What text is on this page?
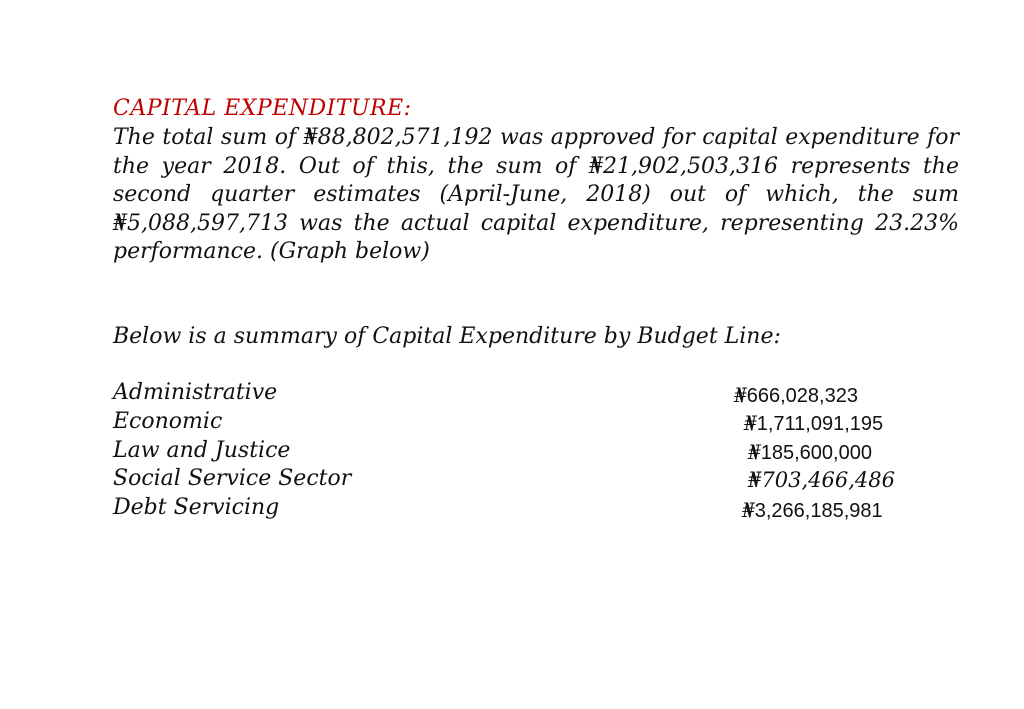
CAPITAL EXPENDITURE:
The total sum of ₦88,802,571,192 was approved for capital expenditure for the year 2018. Out of this, the sum of ₦21,902,503,316 represents the second quarter estimates (April-June, 2018) out of which, the sum ₦5,088,597,713 was the actual capital expenditure, representing 23.23% performance. (Graph below)
Below is a summary of Capital Expenditure by Budget Line:
Administrative	₦666,028,323
Economic	₦1,711,091,195
Law and Justice	₦185,600,000
Social Service Sector	₦703,466,486
Debt Servicing	₦3,266,185,981
